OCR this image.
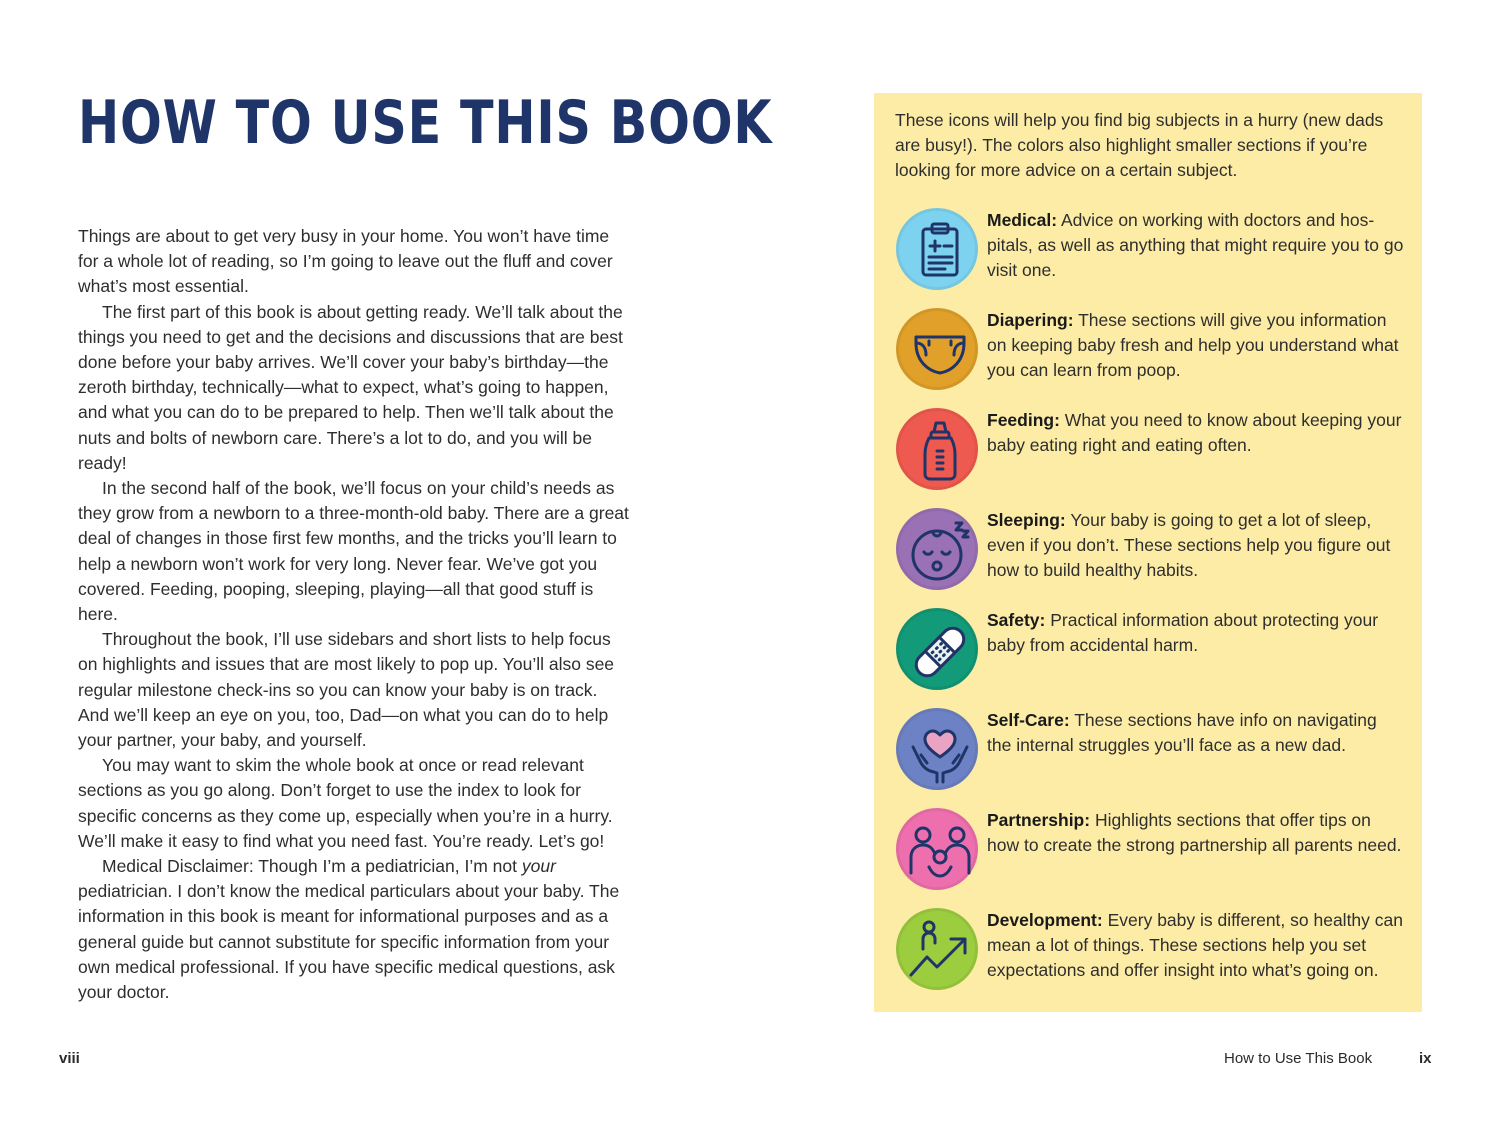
HOW TO USE THIS BOOK

Things are about to get very busy in your home. You won’t have time for a whole lot of reading, so I’m going to leave out the fluff and cover what’s most essential.

The first part of this book is about getting ready. We’ll talk about the things you need to get and the decisions and discussions that are best done before your baby arrives. We’ll cover your baby’s birthday—the zeroth birthday, technically—what to expect, what’s going to happen, and what you can do to be prepared to help. Then we’ll talk about the nuts and bolts of newborn care. There’s a lot to do, and you will be ready!

In the second half of the book, we’ll focus on your child’s needs as they grow from a newborn to a three-month-old baby. There are a great deal of changes in those first few months, and the tricks you’ll learn to help a newborn won’t work for very long. Never fear. We’ve got you covered. Feeding, pooping, sleeping, playing—all that good stuff is here.

Throughout the book, I’ll use sidebars and short lists to help focus on highlights and issues that are most likely to pop up. You’ll also see regular milestone check-ins so you can know your baby is on track. And we’ll keep an eye on you, too, Dad—on what you can do to help your partner, your baby, and yourself.

You may want to skim the whole book at once or read relevant sections as you go along. Don’t forget to use the index to look for specific concerns as they come up, especially when you’re in a hurry. We’ll make it easy to find what you need fast. You’re ready. Let’s go!

Medical Disclaimer: Though I’m a pediatrician, I’m not your pediatrician. I don’t know the medical particulars about your baby. The information in this book is meant for informational purposes and as a general guide but cannot substitute for specific information from your own medical professional. If you have specific medical questions, ask your doctor.

These icons will help you find big subjects in a hurry (new dads are busy!). The colors also highlight smaller sections if you’re looking for more advice on a certain subject.

Medical: Advice on working with doctors and hospitals, as well as anything that might require you to go visit one.

Diapering: These sections will give you information on keeping baby fresh and help you understand what you can learn from poop.

Feeding: What you need to know about keeping your baby eating right and eating often.

Sleeping: Your baby is going to get a lot of sleep, even if you don’t. These sections help you figure out how to build healthy habits.

Safety: Practical information about protecting your baby from accidental harm.

Self-Care: These sections have info on navigating the internal struggles you’ll face as a new dad.

Partnership: Highlights sections that offer tips on how to create the strong partnership all parents need.

Development: Every baby is different, so healthy can mean a lot of things. These sections help you set expectations and offer insight into what’s going on.

viii	How to Use This Book	ix
